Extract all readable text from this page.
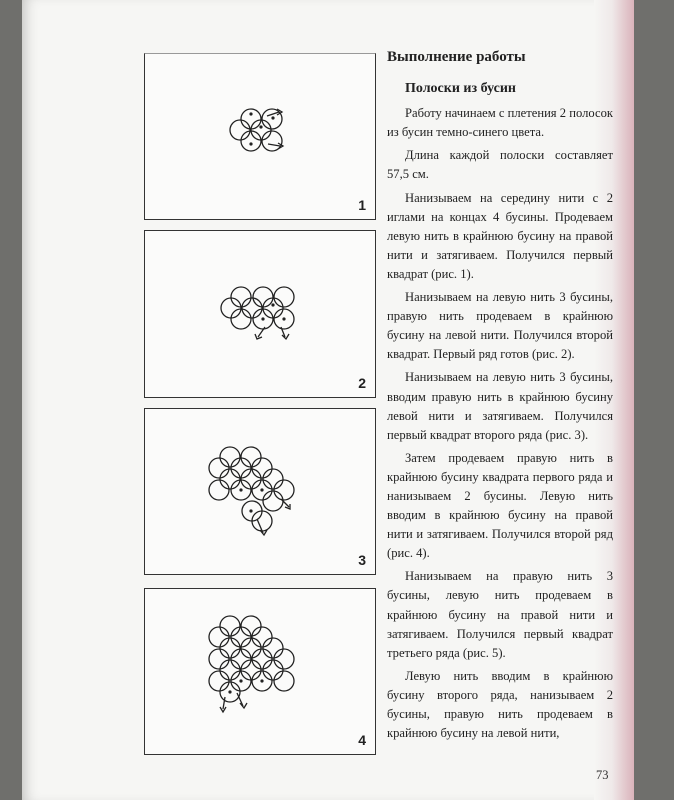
1
2
3
4
Выполнение работы
Полоски из бусин

Работу начинаем с плетения 2 полосок из бусин темно-синего цвета.

Длина каждой полоски составляет 57,5 см.

Нанизываем на середину нити с 2 иглами на концах 4 бусины. Продеваем левую нить в крайнюю бусину на правой нити и затягиваем. Получился первый квадрат (рис. 1).

Нанизываем на левую нить 3 бусины, правую нить продеваем в крайнюю бусину на левой нити. Получился второй квадрат. Первый ряд готов (рис. 2).

Нанизываем на левую нить 3 бусины, вводим правую нить в крайнюю бусину левой нити и затягиваем. Получился первый квадрат второго ряда (рис. 3).

Затем продеваем правую нить в крайнюю бусину квадрата первого ряда и нанизываем 2 бусины. Левую нить вводим в крайнюю бусину на правой нити и затягиваем. Получился второй ряд (рис. 4).

Нанизываем на правую нить 3 бусины, левую нить продеваем в крайнюю бусину на правой нити и затягиваем. Получился первый квадрат третьего ряда (рис. 5).

Левую нить вводим в крайнюю бусину второго ряда, нанизываем 2 бусины, правую нить продеваем в крайнюю бусину на левой нити,

73
